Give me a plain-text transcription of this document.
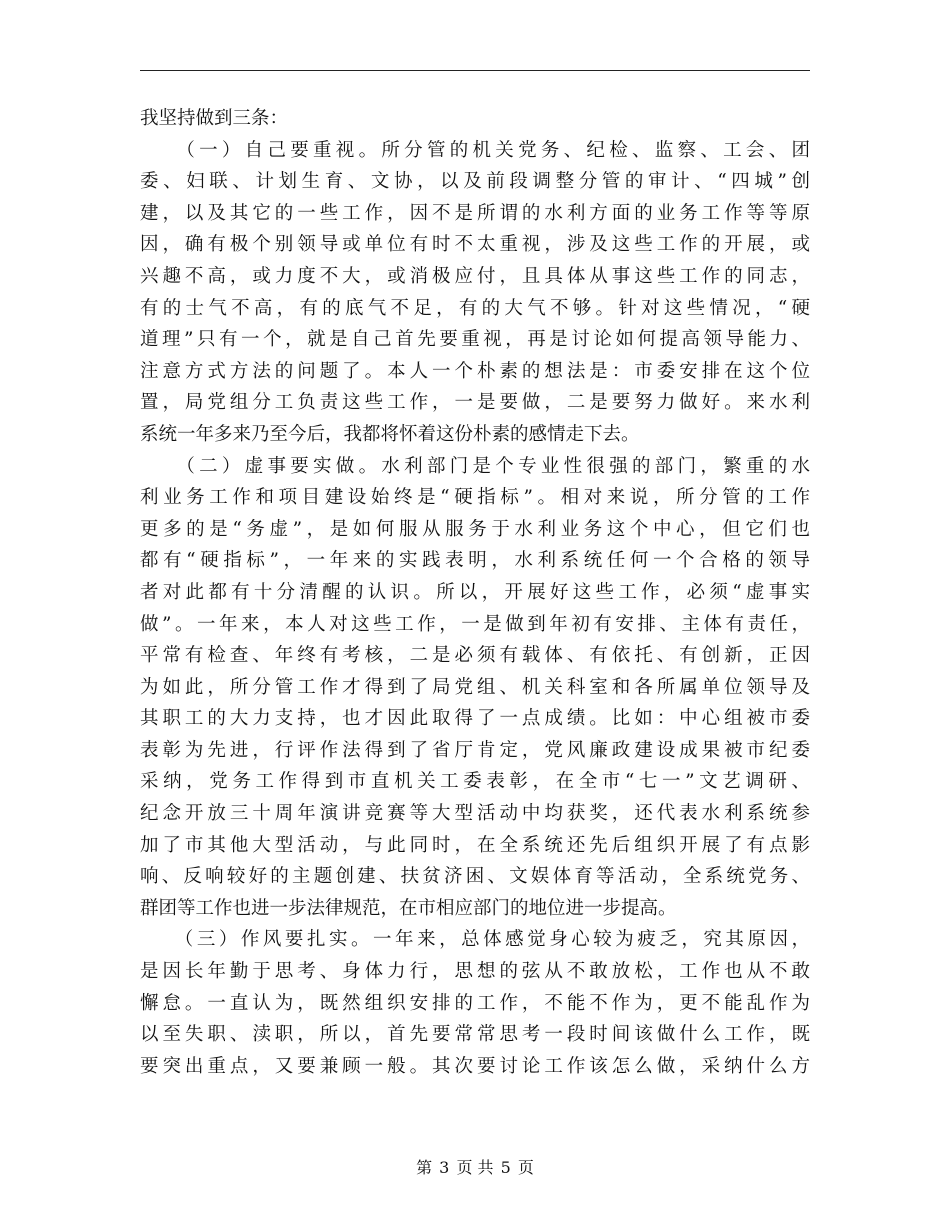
我坚持做到三条：
　　（一）自己要重视。所分管的机关党务、纪检、监察、工会、团
委、妇联、计划生育、文协，以及前段调整分管的审计、“四城”创
建，以及其它的一些工作，因不是所谓的水利方面的业务工作等等原
因，确有极个别领导或单位有时不太重视，涉及这些工作的开展，或
兴趣不高，或力度不大，或消极应付，且具体从事这些工作的同志，
有的士气不高，有的底气不足，有的大气不够。针对这些情况，“硬
道理”只有一个，就是自己首先要重视，再是讨论如何提高领导能力、
注意方式方法的问题了。本人一个朴素的想法是：市委安排在这个位
置，局党组分工负责这些工作，一是要做，二是要努力做好。来水利
系统一年多来乃至今后，我都将怀着这份朴素的感情走下去。
　　（二）虚事要实做。水利部门是个专业性很强的部门，繁重的水
利业务工作和项目建设始终是“硬指标”。相对来说，所分管的工作
更多的是“务虚”，是如何服从服务于水利业务这个中心，但它们也
都有“硬指标”，一年来的实践表明，水利系统任何一个合格的领导
者对此都有十分清醒的认识。所以，开展好这些工作，必须“虚事实
做”。一年来，本人对这些工作，一是做到年初有安排、主体有责任，
平常有检查、年终有考核，二是必须有载体、有依托、有创新，正因
为如此，所分管工作才得到了局党组、机关科室和各所属单位领导及
其职工的大力支持，也才因此取得了一点成绩。比如：中心组被市委
表彰为先进，行评作法得到了省厅肯定，党风廉政建设成果被市纪委
采纳，党务工作得到市直机关工委表彰，在全市“七一”文艺调研、
纪念开放三十周年演讲竞赛等大型活动中均获奖，还代表水利系统参
加了市其他大型活动，与此同时，在全系统还先后组织开展了有点影
响、反响较好的主题创建、扶贫济困、文娱体育等活动，全系统党务、
群团等工作也进一步法律规范，在市相应部门的地位进一步提高。
　　（三）作风要扎实。一年来，总体感觉身心较为疲乏，究其原因，
是因长年勤于思考、身体力行，思想的弦从不敢放松，工作也从不敢
懈怠。一直认为，既然组织安排的工作，不能不作为，更不能乱作为
以至失职、渎职，所以，首先要常常思考一段时间该做什么工作，既
要突出重点，又要兼顾一般。其次要讨论工作该怎么做，采纳什么方
第 3 页 共 5 页
